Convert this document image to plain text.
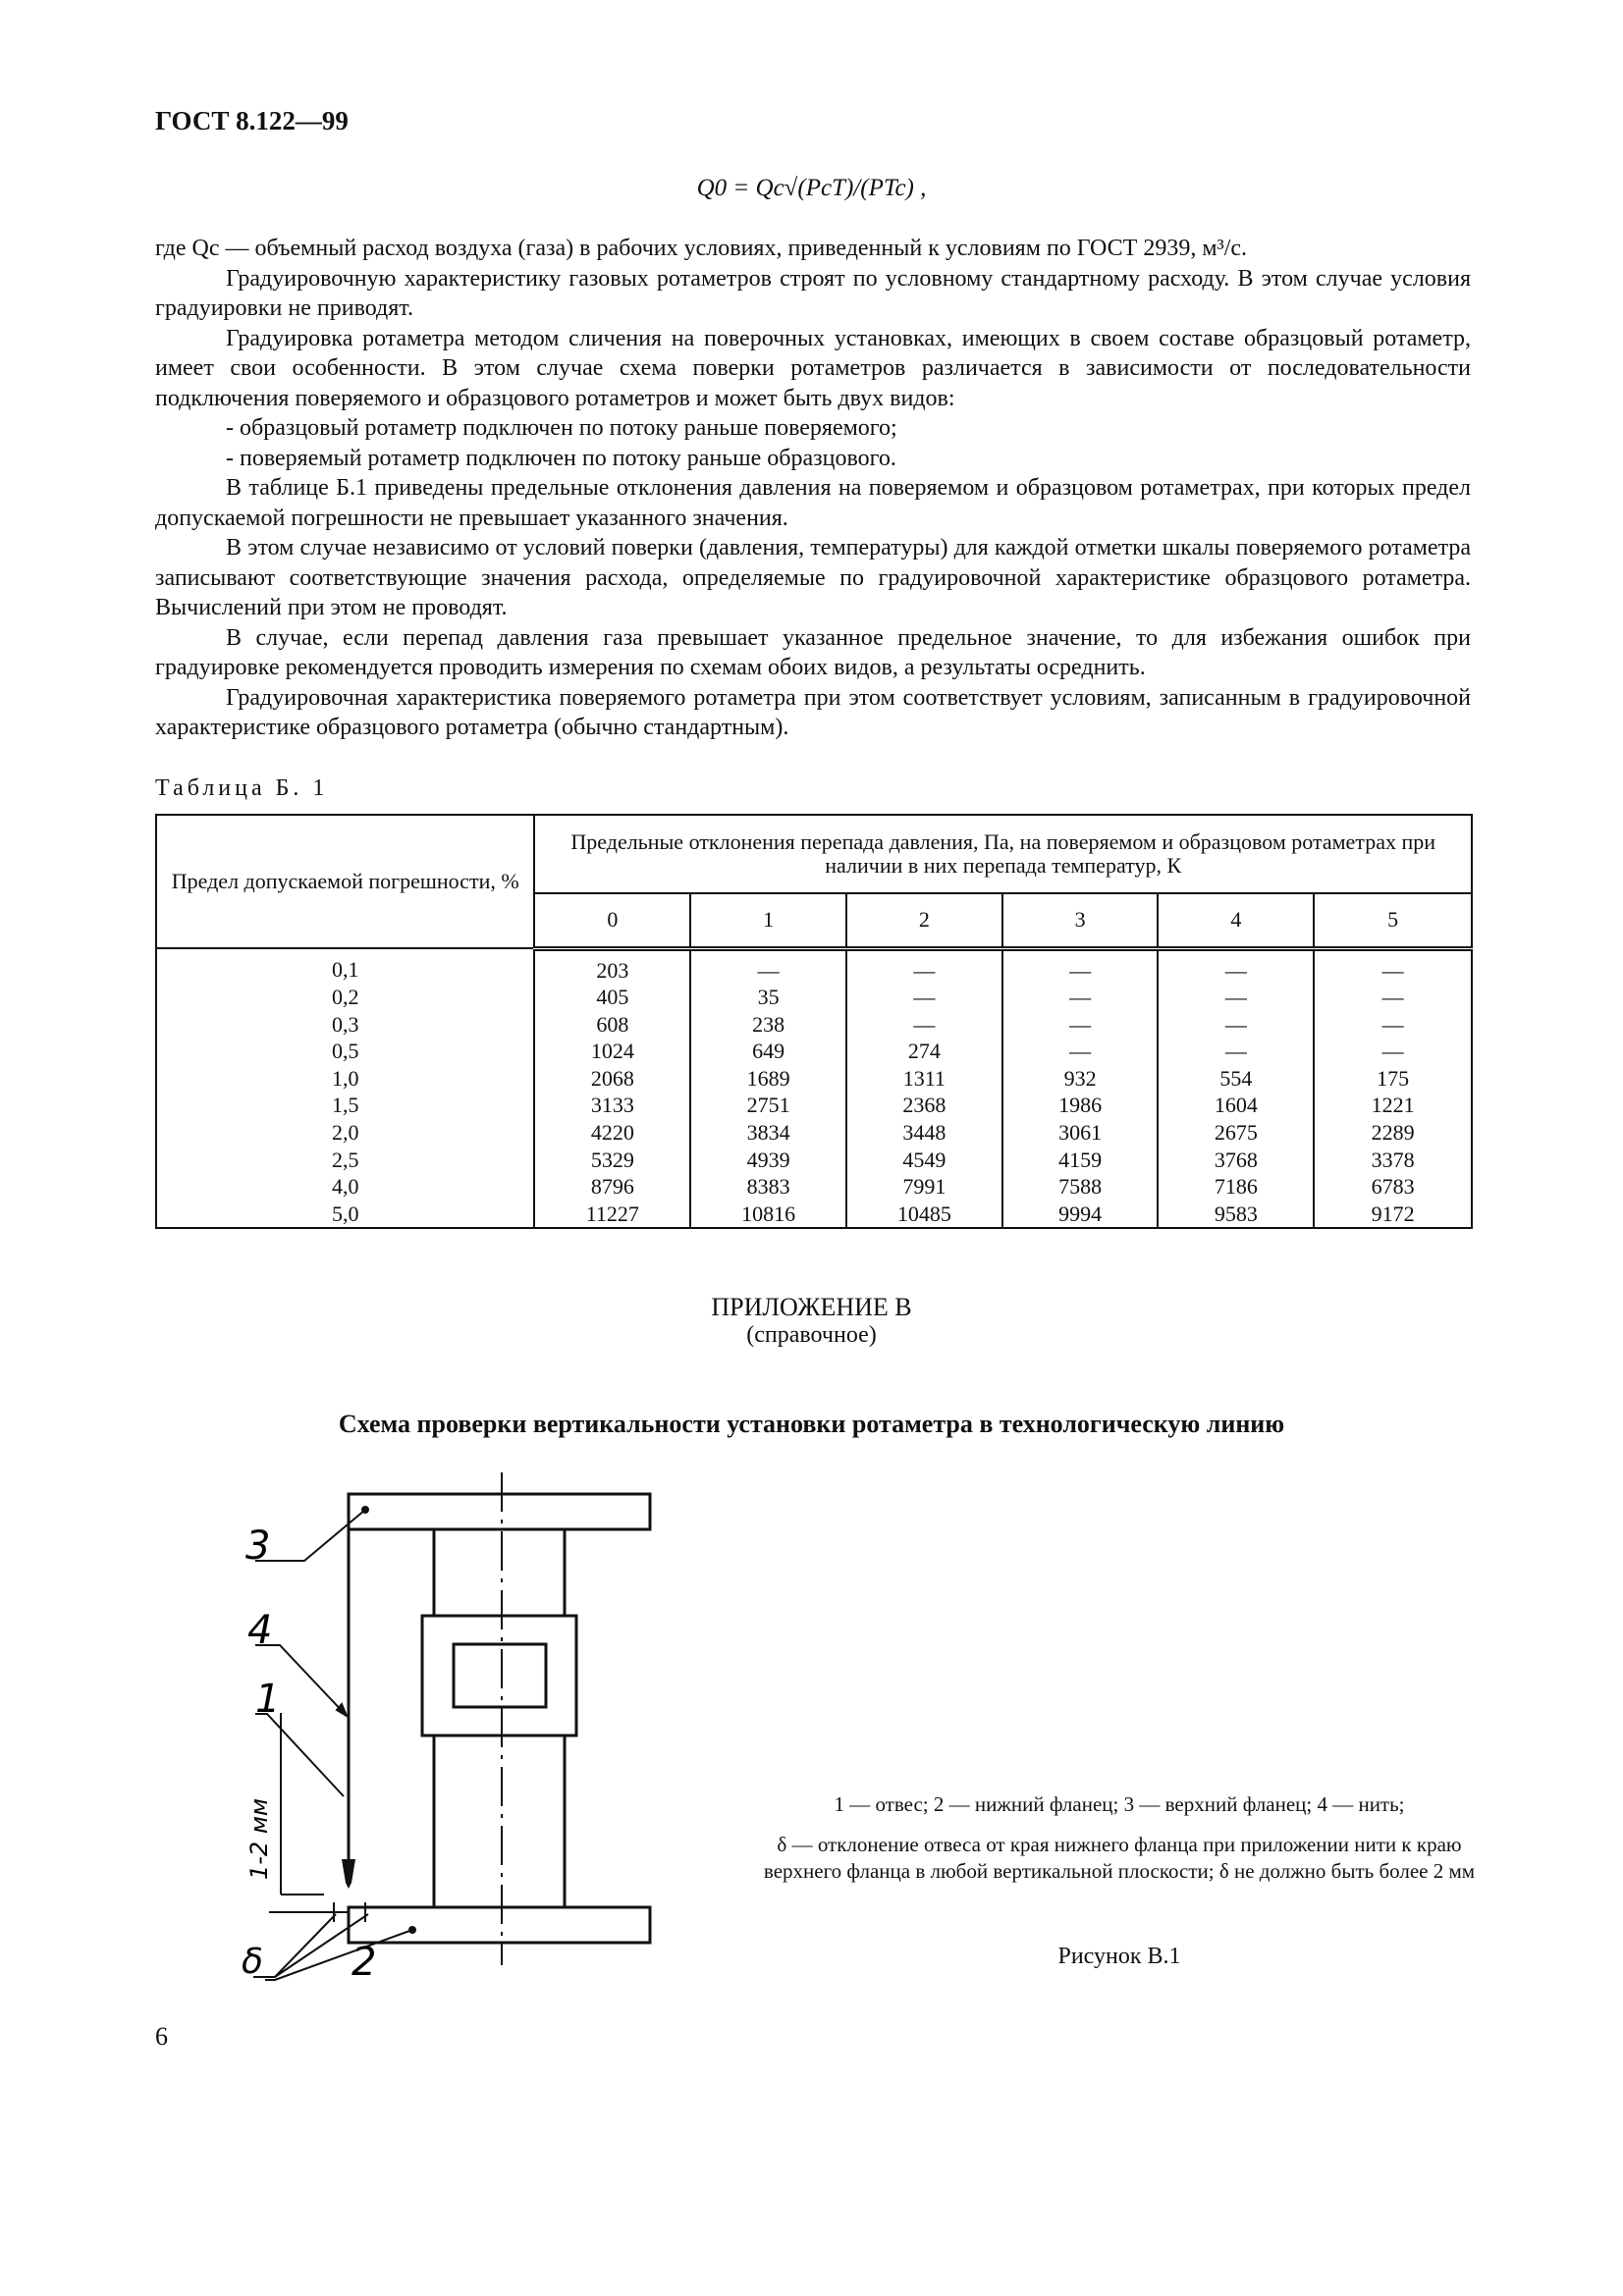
ГОСТ 8.122—99
Q0 = Qc√(PcT)/(PTc) ,

где Qc — объемный расход воздуха (газа) в рабочих условиях, приведенный к условиям по ГОСТ 2939, м³/с.

Градуировочную характеристику газовых ротаметров строят по условному стандартному расходу. В этом случае условия градуировки не приводят.

Градуировка ротаметра методом сличения на поверочных установках, имеющих в своем составе образцовый ротаметр, имеет свои особенности. В этом случае схема поверки ротаметров различается в зависимости от последовательности подключения поверяемого и образцового ротаметров и может быть двух видов:

- образцовый ротаметр подключен по потоку раньше поверяемого;

- поверяемый ротаметр подключен по потоку раньше образцового.

В таблице Б.1 приведены предельные отклонения давления на поверяемом и образцовом ротаметрах, при которых предел допускаемой погрешности не превышает указанного значения.

В этом случае независимо от условий поверки (давления, температуры) для каждой отметки шкалы поверяемого ротаметра записывают соответствующие значения расхода, определяемые по градуировочной характеристике образцового ротаметра. Вычислений при этом не проводят.

В случае, если перепад давления газа превышает указанное предельное значение, то для избежания ошибок при градуировке рекомендуется проводить измерения по схемам обоих видов, а результаты осреднить.

Градуировочная характеристика поверяемого ротаметра при этом соответствует условиям, записанным в градуировочной характеристике образцового ротаметра (обычно стандартным).

Таблица Б. 1
Предел допускаемой погрешности, %	Предельные отклонения перепада давления, Па, на поверяемом и образцовом ротаметрах при наличии в них перепада температур, К					
	0	1	2	3	4	5
0,1	203	—	—	—	—	—
0,2	405	35	—	—	—	—
0,3	608	238	—	—	—	—
0,5	1024	649	274	—	—	—
1,0	2068	1689	1311	932	554	175
1,5	3133	2751	2368	1986	1604	1221
2,0	4220	3834	3448	3061	2675	2289
2,5	5329	4939	4549	4159	3768	3378
4,0	8796	8383	7991	7588	7186	6783
5,0	11227	10816	10485	9994	9583	9172
ПРИЛОЖЕНИЕ В
(справочное)
Схема проверки вертикальности установки ротаметра в технологическую линию
3
4
1
2
δ
1-2 мм	1 — отвес; 2 — нижний фланец; 3 — верхний фланец; 4 — нить;

δ — отклонение отвеса от края нижнего фланца при приложении нити к краю верхнего фланца в любой вертикальной плоскости; δ не должно быть более 2 мм

Рисунок В.1
6
